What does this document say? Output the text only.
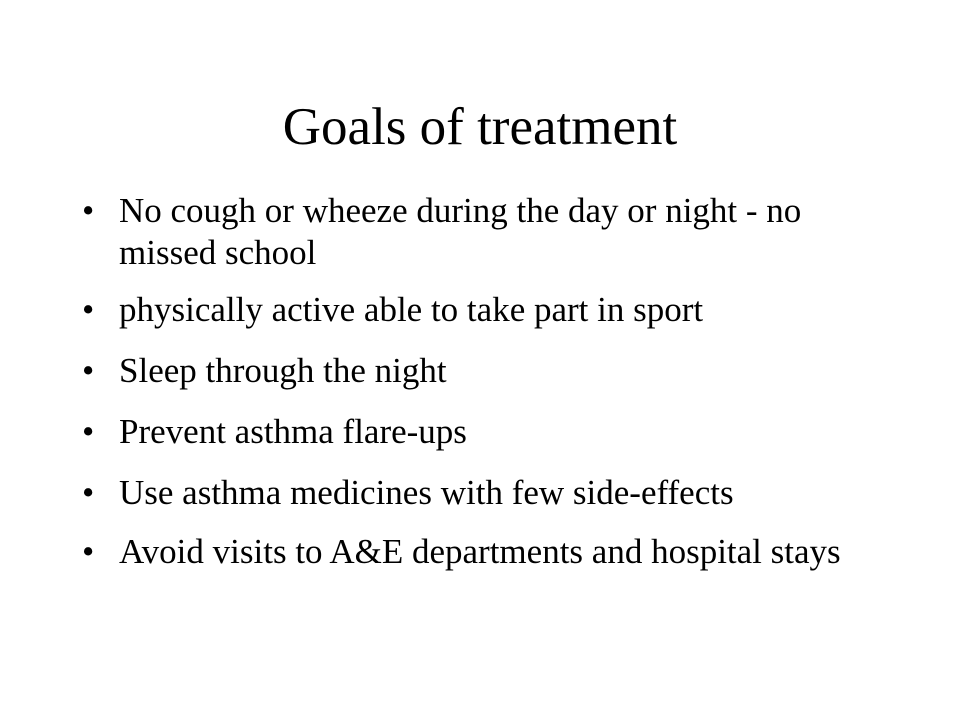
Goals of treatment
• No cough or wheeze during the day or night - no missed school
• physically active able to take part in sport
• Sleep through the night
• Prevent asthma flare-ups
• Use asthma medicines with few side-effects
• Avoid visits to A&E departments and hospital stays
